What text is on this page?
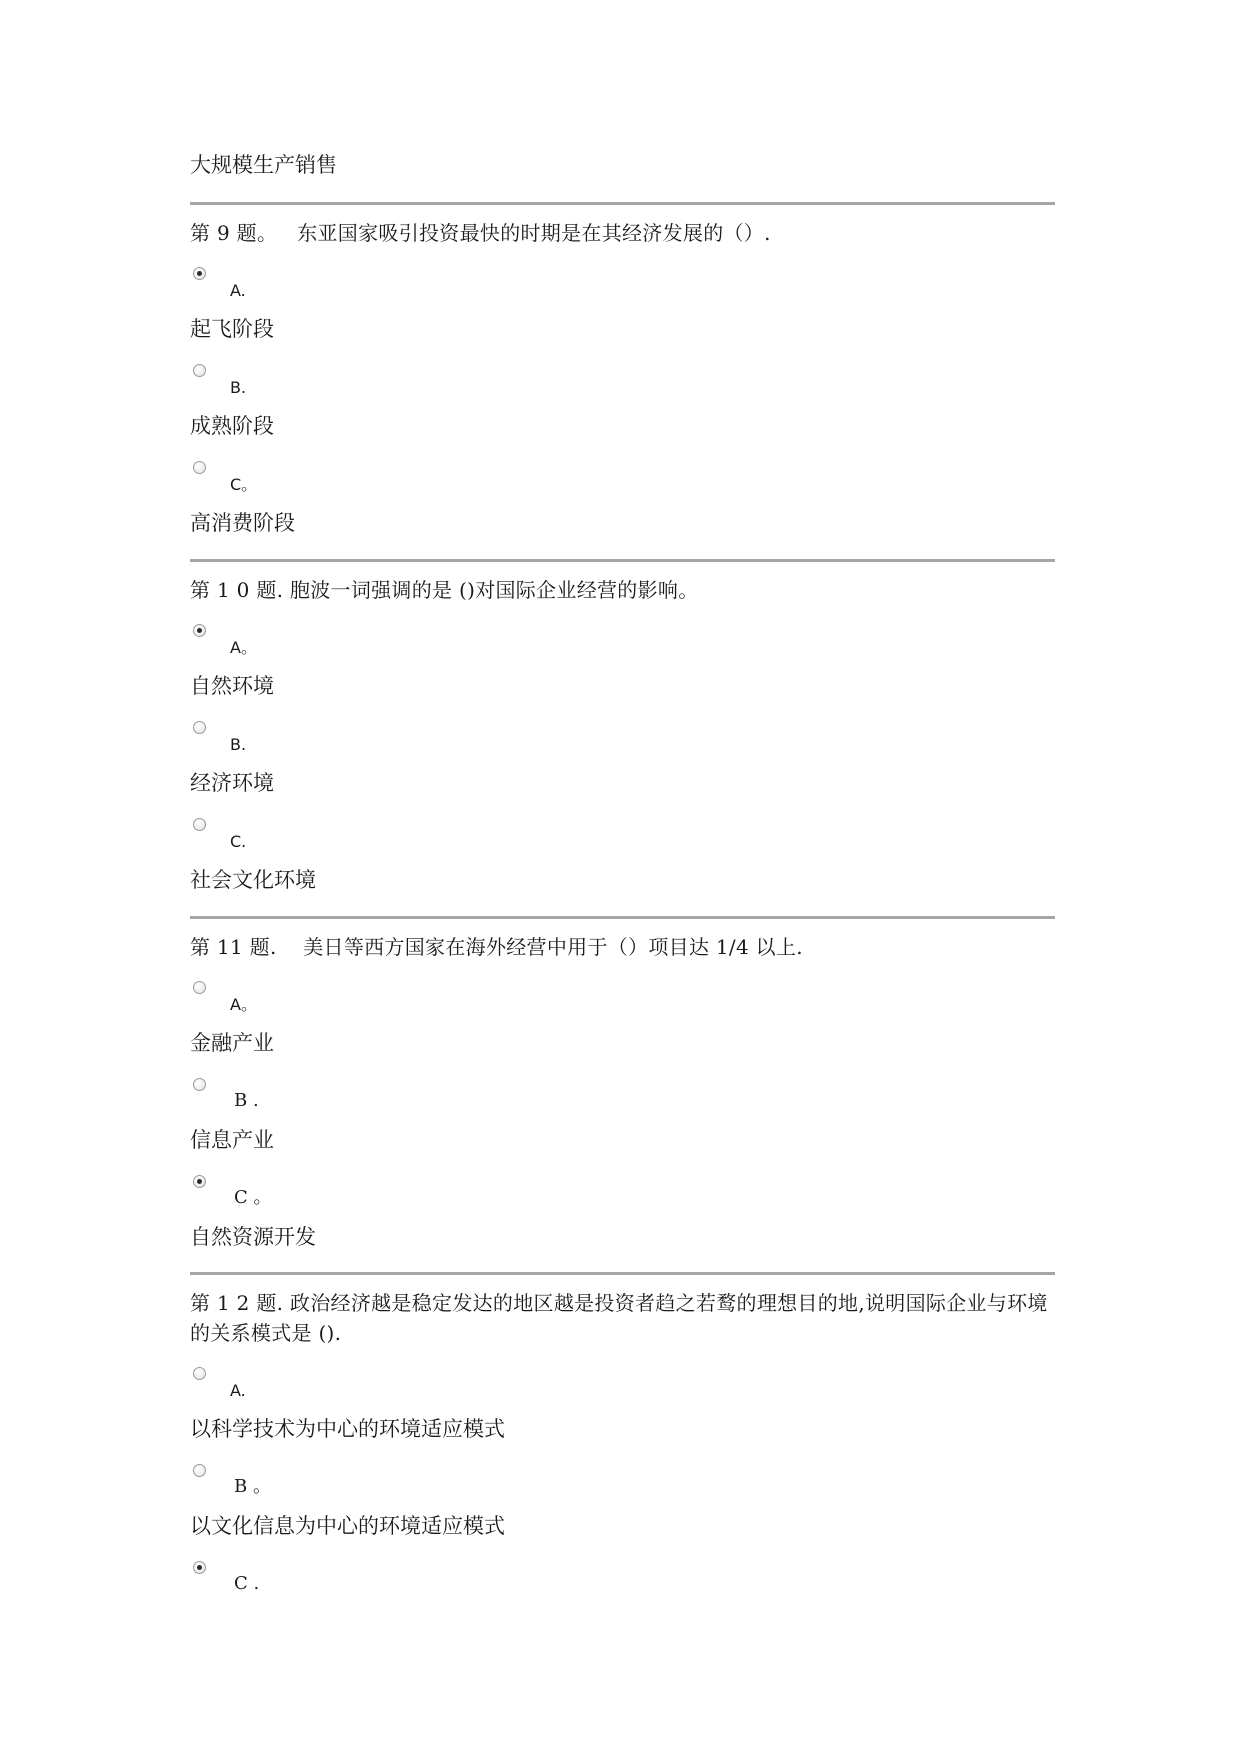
大规模生产销售
第 9 题。   东亚国家吸引投资最快的时期是在其经济发展的（）.
A.
起飞阶段
B.
成熟阶段
C。
高消费阶段
第 1 0 题. 胞波一词强调的是 ()对国际企业经营的影响。
A。
自然环境
B.
经济环境
C.
社会文化环境
第 11 题.    美日等西方国家在海外经营中用于（）项目达 1/4 以上.
A。
金融产业
B .
信息产业
C 。
自然资源开发
第 1 2 题. 政治经济越是稳定发达的地区越是投资者趋之若鹜的理想目的地,说明国际企业与环境的关系模式是 ().
A.
以科学技术为中心的环境适应模式
B 。
以文化信息为中心的环境适应模式
C .
